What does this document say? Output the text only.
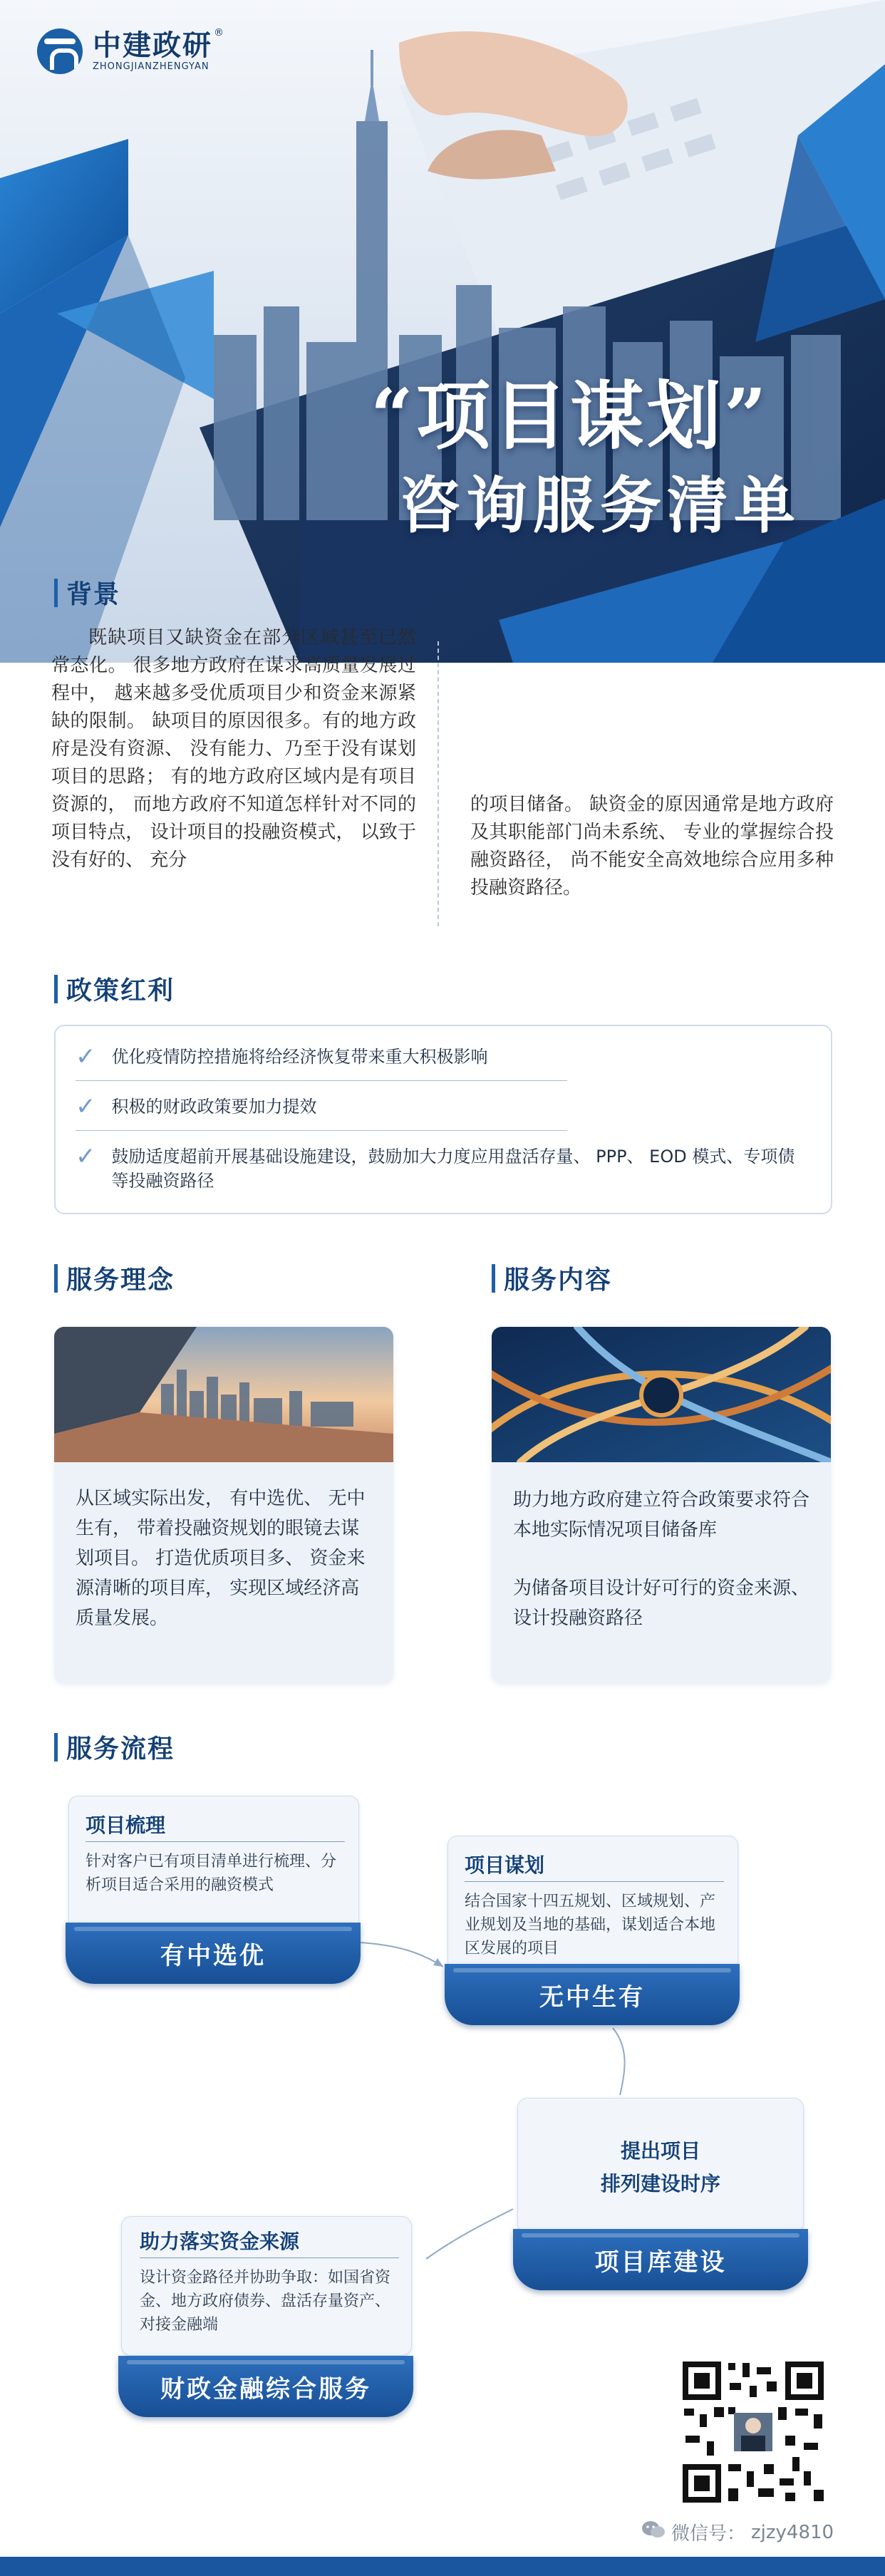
中建政研
ZHONGJIANZHENGYAN
®
“项目谋划”
咨询服务清单
背景

既缺项目又缺资金在部分区域甚至已然常态化。 很多地方政府在谋求高质量发展过程中， 越来越多受优质项目少和资金来源紧缺的限制。 缺项目的原因很多。有的地方政府是没有资源、 没有能力、乃至于没有谋划项目的思路； 有的地方政府区域内是有项目资源的， 而地方政府不知道怎样针对不同的项目特点， 设计项目的投融资模式， 以致于没有好的、 充分

的项目储备。 缺资金的原因通常是地方政府及其职能部门尚未系统、 专业的掌握综合投融资路径， 尚不能安全高效地综合应用多种投融资路径。

政策红利
✓ 优化疫情防控措施将给经济恢复带来重大积极影响
✓ 积极的财政政策要加力提效
✓ 鼓励适度超前开展基础设施建设，鼓励加大力度应用盘活存量、 PPP、 EOD 模式、专项债等投融资路径
服务理念	服务内容

从区域实际出发， 有中选优、 无中生有， 带着投融资规划的眼镜去谋划项目。 打造优质项目多、 资金来源清晰的项目库， 实现区域经济高质量发展。

助力地方政府建立符合政策要求符合本地实际情况项目储备库

为储备项目设计好可行的资金来源、 设计投融资路径

服务流程
项目梳理
针对客户已有项目清单进行梳理、分析项目适合采用的融资模式
有中选优
项目谋划
结合国家十四五规划、区域规划、产业规划及当地的基础，谋划适合本地区发展的项目
无中生有
提出项目
排列建设时序
项目库建设
助力落实资金来源
设计资金路径并协助争取：如国省资金、地方政府债券、盘活存量资产、对接金融端
财政金融综合服务
微信号： zjzy4810
